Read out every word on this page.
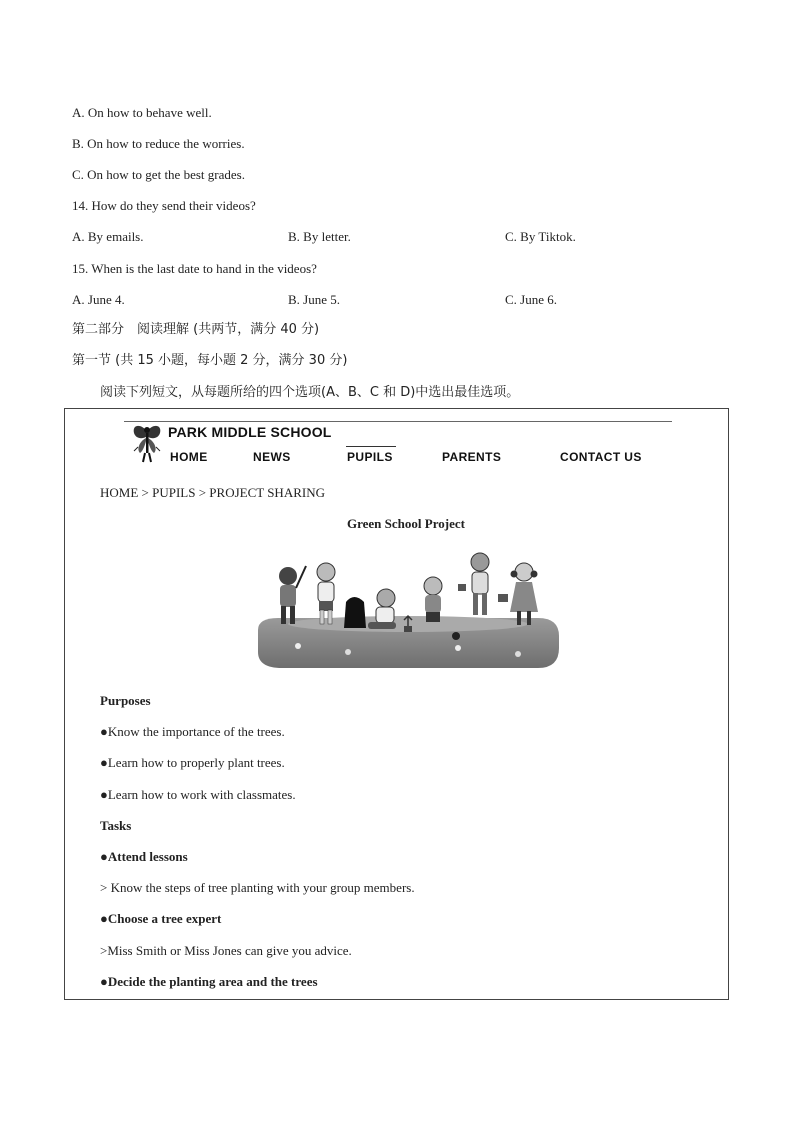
A. On how to behave well.
B. On how to reduce the worries.
C. On how to get the best grades.
14. How do they send their videos?
A. By emails.	B. By letter.	C. By Tiktok.
15. When is the last date to hand in the videos?
A. June 4.	B. June 5.	C. June 6.
第二部分　阅读理解 (共两节，满分 40 分)
第一节 (共 15 小题，每小题 2 分，满分 30 分)
阅读下列短文，从每题所给的四个选项(A、B、C 和 D)中选出最佳选项。
PARK MIDDLE SCHOOL
HOME	NEWS	PUPILS	PARENTS	CONTACT US
HOME > PUPILS > PROJECT SHARING
Green School Project
Purposes
●Know the importance of the trees.
●Learn how to properly plant trees.
●Learn how to work with classmates.
Tasks
●Attend lessons
> Know the steps of tree planting with your group members.
●Choose a tree expert
>Miss Smith or Miss Jones can give you advice.
●Decide the planting area and the trees
